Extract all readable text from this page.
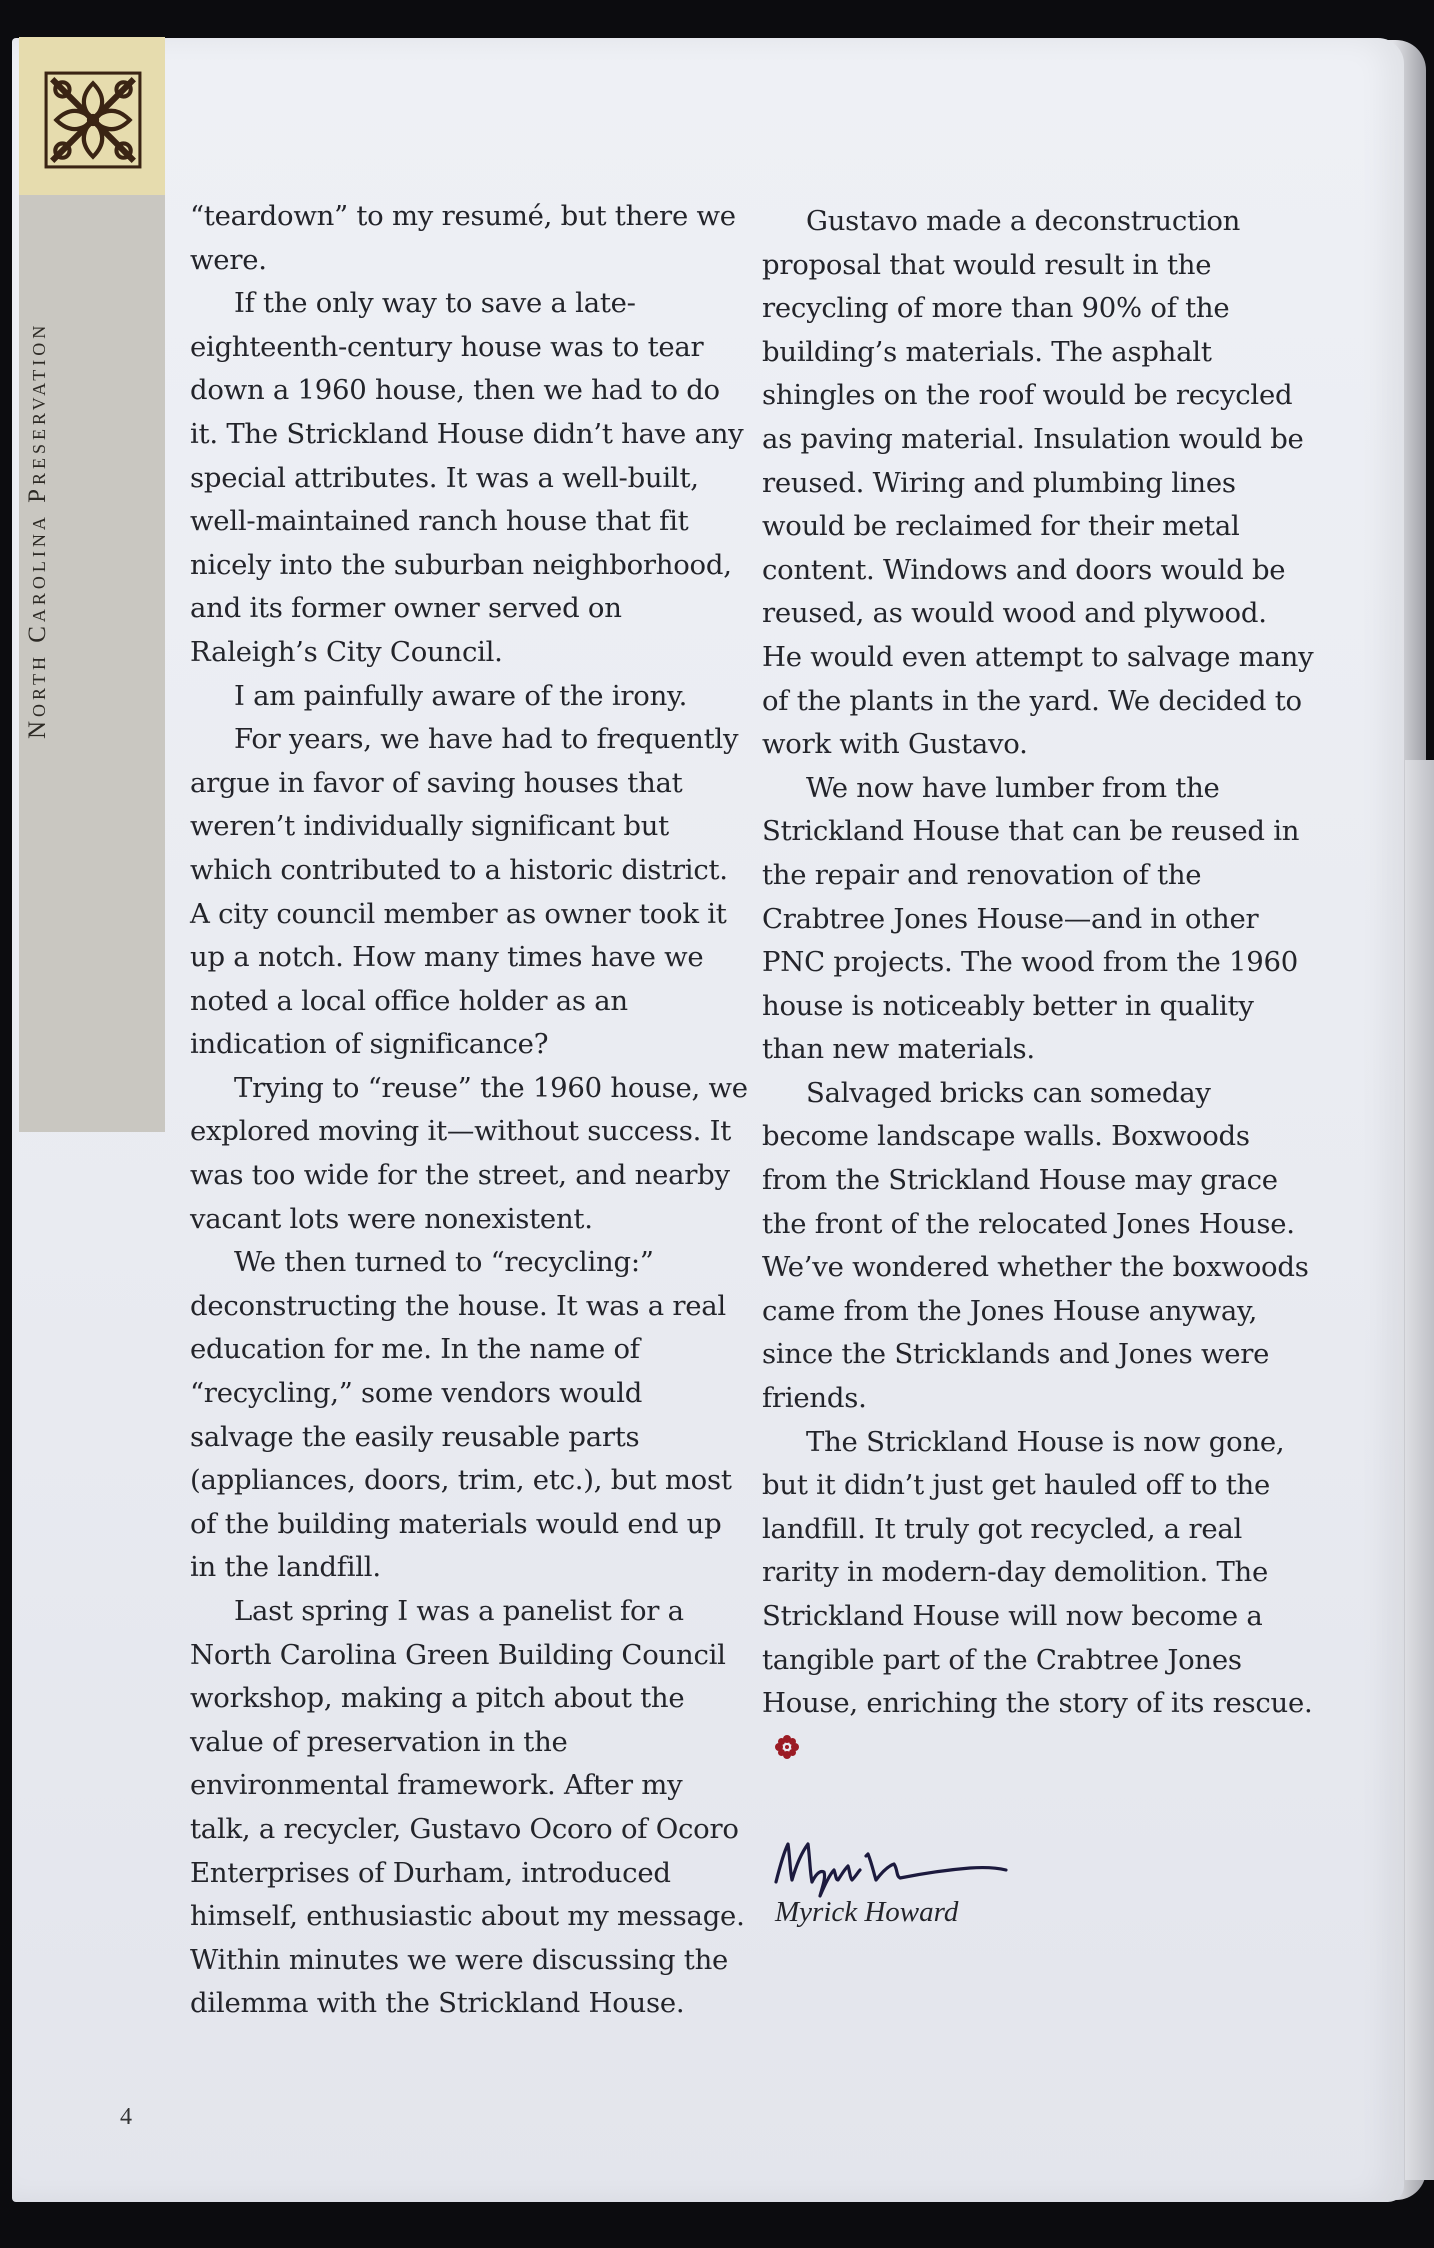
North Carolina Preservation

“teardown” to my resumé, but there we were.

If the only way to save a late-eighteenth-century house was to tear down a 1960 house, then we had to do it. The Strickland House didn’t have any special attributes. It was a well-built, well-maintained ranch house that fit nicely into the suburban neighborhood, and its former owner served on Raleigh’s City Council.

I am painfully aware of the irony.

For years, we have had to frequently argue in favor of saving houses that weren’t individually significant but which contributed to a historic district. A city council member as owner took it up a notch. How many times have we noted a local office holder as an indication of significance?

Trying to “reuse” the 1960 house, we explored moving it—without success. It was too wide for the street, and nearby vacant lots were nonexistent.

We then turned to “recycling:” deconstructing the house. It was a real education for me. In the name of “recycling,” some vendors would salvage the easily reusable parts (appliances, doors, trim, etc.), but most of the building materials would end up in the landfill.

Last spring I was a panelist for a North Carolina Green Building Council workshop, making a pitch about the value of preservation in the environmental framework. After my talk, a recycler, Gustavo Ocoro of Ocoro Enterprises of Durham, introduced himself, enthusiastic about my message. Within minutes we were discussing the dilemma with the Strickland House.

Gustavo made a deconstruction proposal that would result in the recycling of more than 90% of the building’s materials. The asphalt shingles on the roof would be recycled as paving material. Insulation would be reused. Wiring and plumbing lines would be reclaimed for their metal content. Windows and doors would be reused, as would wood and plywood. He would even attempt to salvage many of the plants in the yard. We decided to work with Gustavo.

We now have lumber from the Strickland House that can be reused in the repair and renovation of the Crabtree Jones House—and in other PNC projects. The wood from the 1960 house is noticeably better in quality than new materials.

Salvaged bricks can someday become landscape walls. Boxwoods from the Strickland House may grace the front of the relocated Jones House. We’ve wondered whether the boxwoods came from the Jones House anyway, since the Stricklands and Jones were friends.

The Strickland House is now gone, but it didn’t just get hauled off to the landfill. It truly got recycled, a real rarity in modern-day demolition. The Strickland House will now become a tangible part of the Crabtree Jones House, enriching the story of its rescue.

Myrick Howard
4
